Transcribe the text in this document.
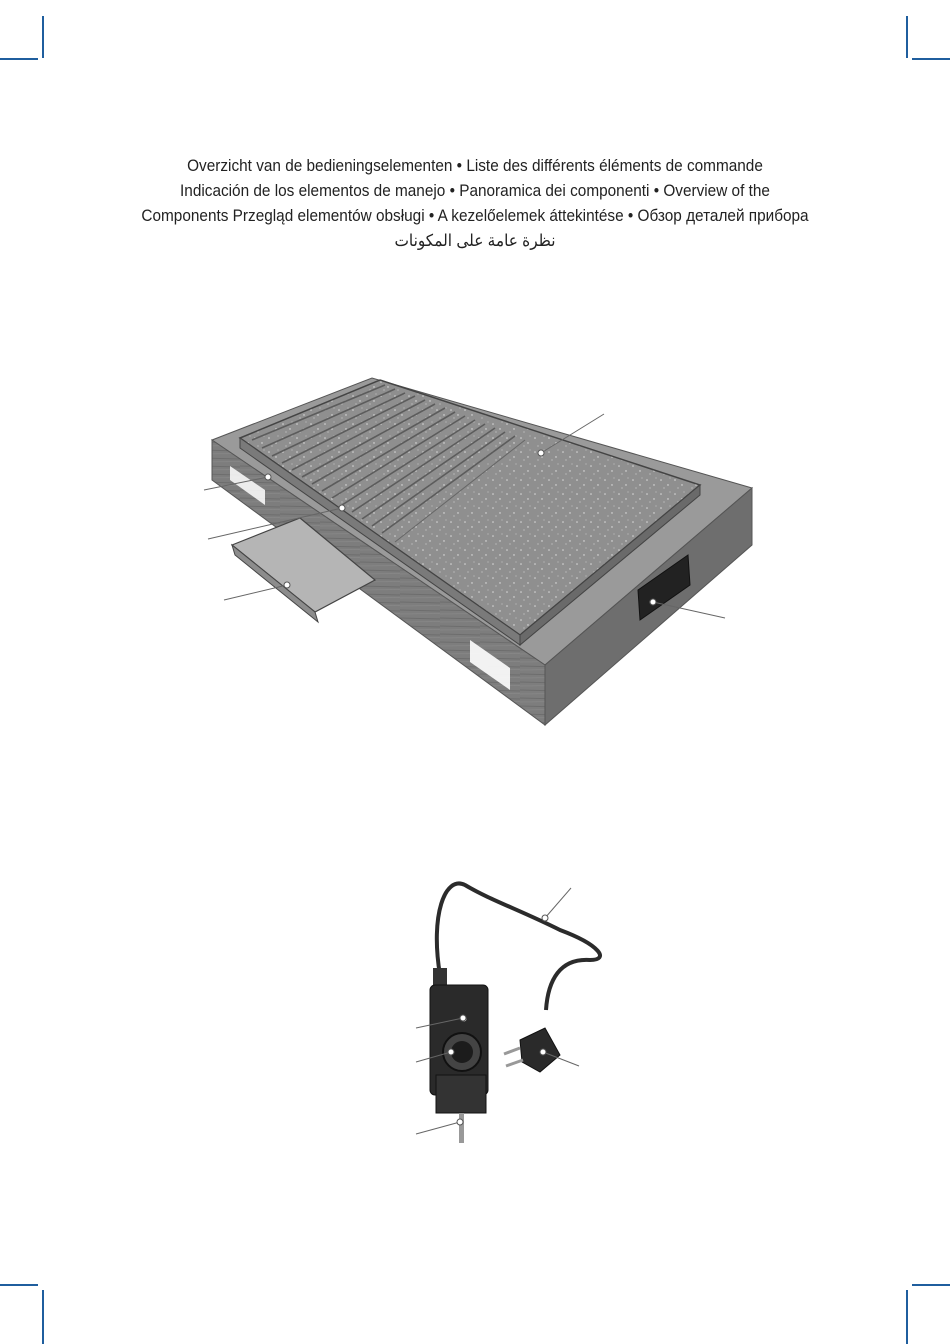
Overzicht van de bedieningselementen • Liste des différents éléments de commande
Indicación de los elementos de manejo • Panoramica dei componenti • Overview of the
Components Przegląd elementów obsługi • A kezelőelemek áttekintése • Обзор деталей прибора
نظرة عامة على المكونات
